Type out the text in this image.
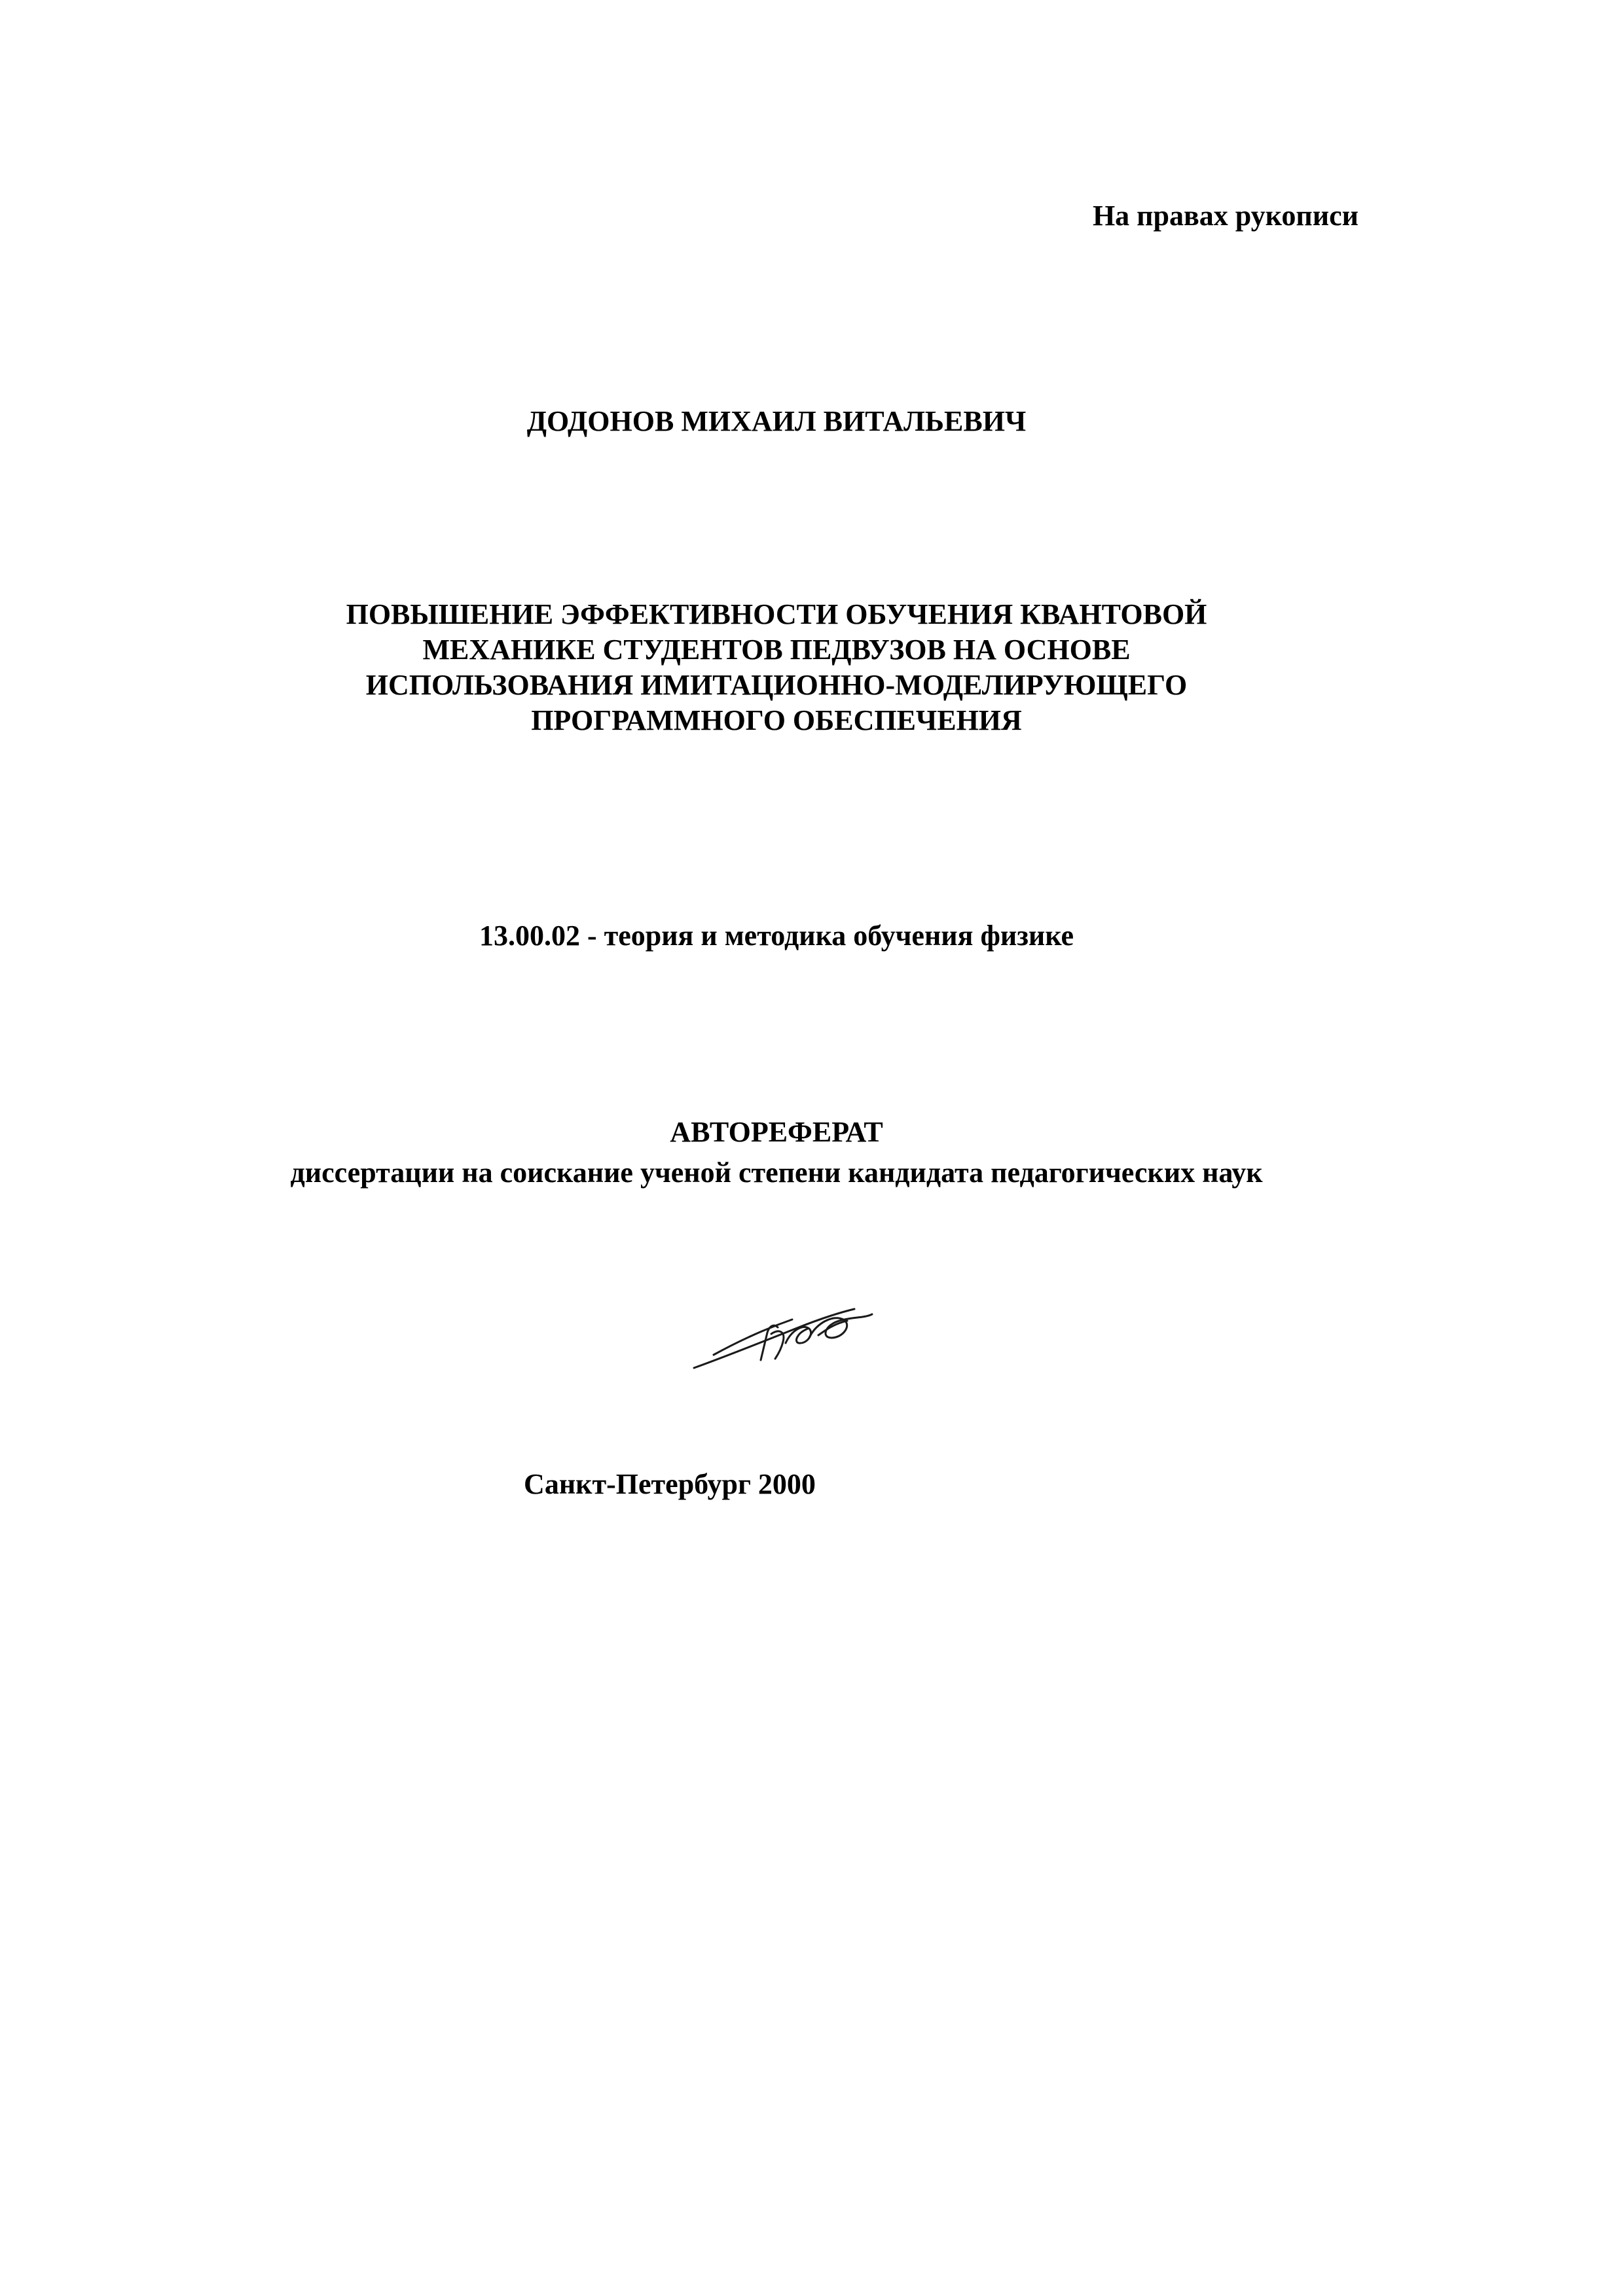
На правах рукописи
ДОДОНОВ МИХАИЛ ВИТАЛЬЕВИЧ
ПОВЫШЕНИЕ ЭФФЕКТИВНОСТИ ОБУЧЕНИЯ КВАНТОВОЙ
МЕХАНИКЕ СТУДЕНТОВ ПЕДВУЗОВ НА ОСНОВЕ
ИСПОЛЬЗОВАНИЯ ИМИТАЦИОННО-МОДЕЛИРУЮЩЕГО
ПРОГРАММНОГО ОБЕСПЕЧЕНИЯ
13.00.02 - теория и методика обучения физике
АВТОРЕФЕРАТ
диссертации на соискание ученой степени кандидата педагогических наук
Санкт-Петербург 2000
